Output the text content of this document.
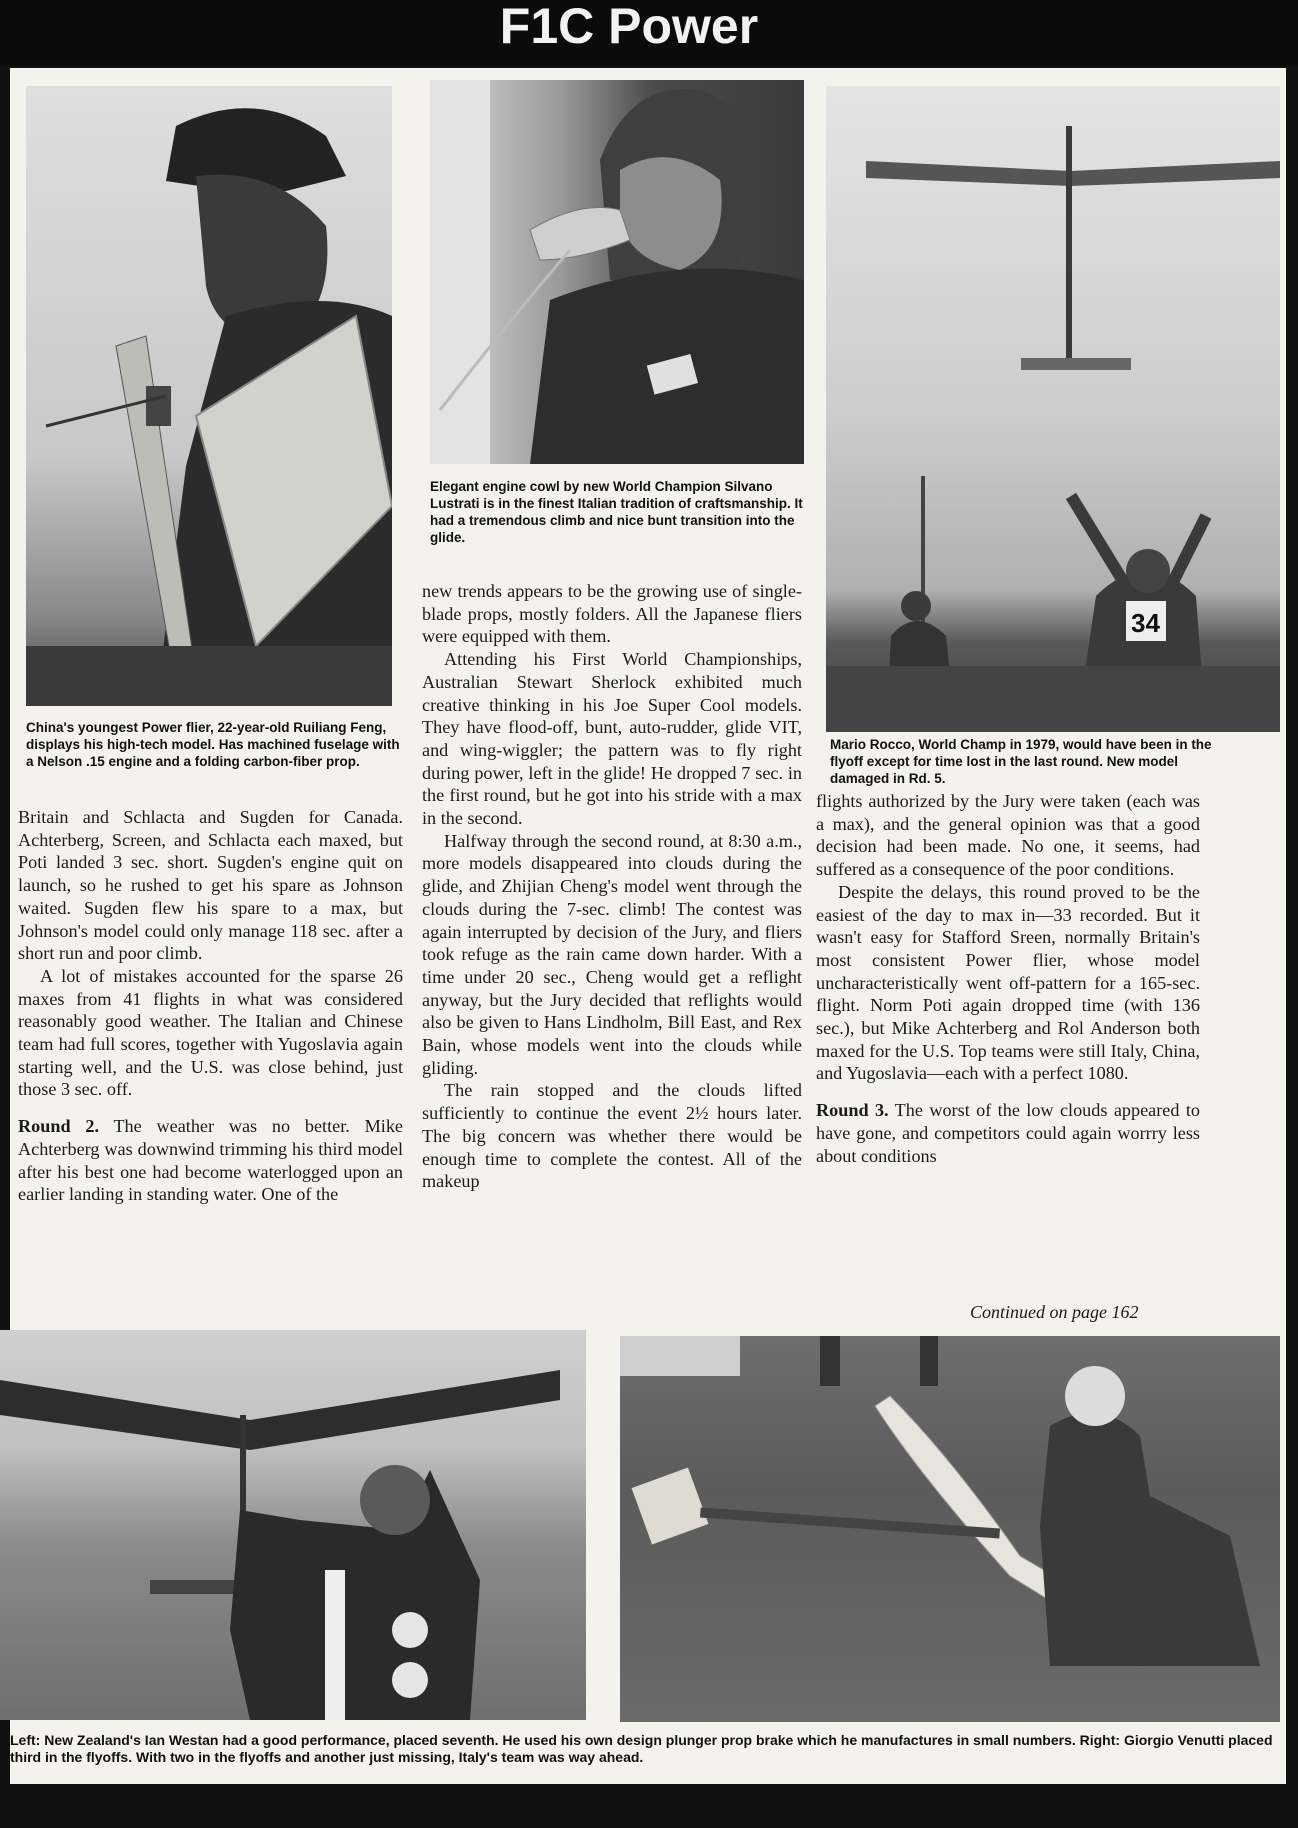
F1C Power
China's youngest Power flier, 22-year-old Ruiliang Feng, displays his high-tech model. Has machined fuselage with a Nelson .15 engine and a folding carbon-fiber prop.
Elegant engine cowl by new World Champion Silvano Lustrati is in the finest Italian tradition of craftsmanship. It had a tremendous climb and nice bunt transition into the glide.
34
Mario Rocco, World Champ in 1979, would have been in the flyoff except for time lost in the last round. New model damaged in Rd. 5.

Britain and Schlacta and Sugden for Canada. Achterberg, Screen, and Schlacta each maxed, but Poti landed 3 sec. short. Sugden's engine quit on launch, so he rushed to get his spare as Johnson waited. Sugden flew his spare to a max, but Johnson's model could only manage 118 sec. after a short run and poor climb.

A lot of mistakes accounted for the sparse 26 maxes from 41 flights in what was considered reasonably good weather. The Italian and Chinese team had full scores, together with Yugoslavia again starting well, and the U.S. was close behind, just those 3 sec. off.

Round 2. The weather was no better. Mike Achterberg was downwind trimming his third model after his best one had become waterlogged upon an earlier landing in standing water. One of the

new trends appears to be the growing use of single-blade props, mostly folders. All the Japanese fliers were equipped with them.

Attending his First World Championships, Australian Stewart Sherlock exhibited much creative thinking in his Joe Super Cool models. They have flood-off, bunt, auto-rudder, glide VIT, and wing-wiggler; the pattern was to fly right during power, left in the glide! He dropped 7 sec. in the first round, but he got into his stride with a max in the second.

Halfway through the second round, at 8:30 a.m., more models disappeared into clouds during the glide, and Zhijian Cheng's model went through the clouds during the 7-sec. climb! The contest was again interrupted by decision of the Jury, and fliers took refuge as the rain came down harder. With a time under 20 sec., Cheng would get a reflight anyway, but the Jury decided that reflights would also be given to Hans Lindholm, Bill East, and Rex Bain, whose models went into the clouds while gliding.

The rain stopped and the clouds lifted sufficiently to continue the event 2½ hours later. The big concern was whether there would be enough time to complete the contest. All of the makeup

flights authorized by the Jury were taken (each was a max), and the general opinion was that a good decision had been made. No one, it seems, had suffered as a consequence of the poor conditions.

Despite the delays, this round proved to be the easiest of the day to max in—33 recorded. But it wasn't easy for Stafford Sreen, normally Britain's most consistent Power flier, whose model uncharacteristically went off-pattern for a 165-sec. flight. Norm Poti again dropped time (with 136 sec.), but Mike Achterberg and Rol Anderson both maxed for the U.S. Top teams were still Italy, China, and Yugoslavia—each with a perfect 1080.

Round 3. The worst of the low clouds appeared to have gone, and competitors could again worrry less about conditions

Continued on page 162
Left: New Zealand's Ian Westan had a good performance, placed seventh. He used his own design plunger prop brake which he manufactures in small numbers. Right: Giorgio Venutti placed third in the flyoffs. With two in the flyoffs and another just missing, Italy's team was way ahead.
January 1984 69
